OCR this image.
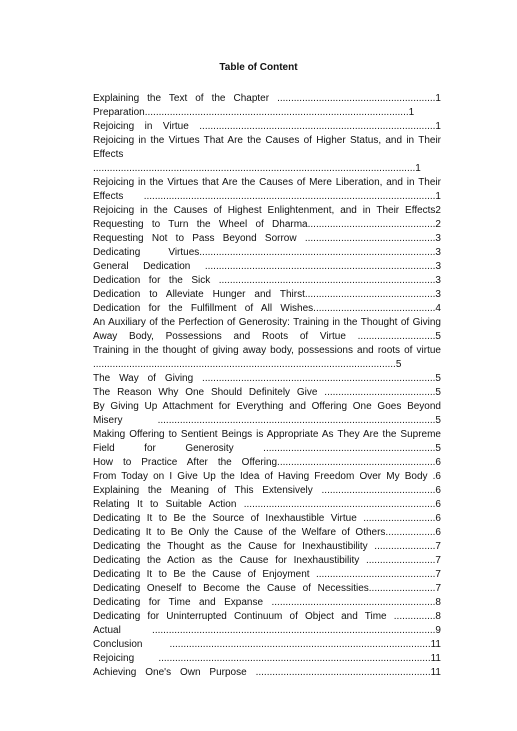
Table of Content
Explaining the Text of the Chapter .........................................................1
Preparation...............................................................................................1
Rejoicing in Virtue .....................................................................................1
Rejoicing in the Virtues That Are the Causes of Higher Status, and in Their Effects ....................................................................................................................1
Rejoicing in the Virtues that Are the Causes of Mere Liberation, and in Their Effects .........................................................................................................1
Rejoicing in the Causes of Highest Enlightenment, and in Their Effects2
Requesting to Turn the Wheel of Dharma..............................................2
Requesting Not to Pass Beyond Sorrow ...............................................3
Dedicating Virtues.....................................................................................3
General Dedication ...................................................................................3
Dedication for the Sick ..............................................................................3
Dedication to Alleviate Hunger and Thirst...............................................3
Dedication for the Fulfillment of All Wishes............................................4
An Auxiliary of the Perfection of Generosity: Training in the Thought of Giving Away Body, Possessions and Roots of Virtue ............................5
Training in the thought of giving away body, possessions and roots of virtue .............................................................................................................5
The Way of Giving ....................................................................................5
The Reason Why One Should Definitely Give ........................................5
By Giving Up Attachment for Everything and Offering One Goes Beyond Misery ....................................................................................................5
Making Offering to Sentient Beings is Appropriate As They Are the Supreme Field for Generosity ..............................................................5
How to Practice After the Offering.........................................................6
From Today on I Give Up the Idea of Having Freedom Over My Body .6
Explaining the Meaning of This Extensively .........................................6
Relating It to Suitable Action .....................................................................6
Dedicating It to Be the Source of Inexhaustible Virtue ..........................6
Dedicating It to Be Only the Cause of the Welfare of Others..................6
Dedicating the Thought as the Cause for Inexhaustibility ......................7
Dedicating the Action as the Cause for Inexhaustibility .........................7
Dedicating It to Be the Cause of Enjoyment ...........................................7
Dedicating Oneself to Become the Cause of Necessities........................7
Dedicating for Time and Expanse ...........................................................8
Dedicating for Uninterrupted Continuum of Object and Time ...............8
Actual ......................................................................................................9
Conclusion ..............................................................................................11
Rejoicing ..................................................................................................11
Achieving One's Own Purpose ...............................................................11
